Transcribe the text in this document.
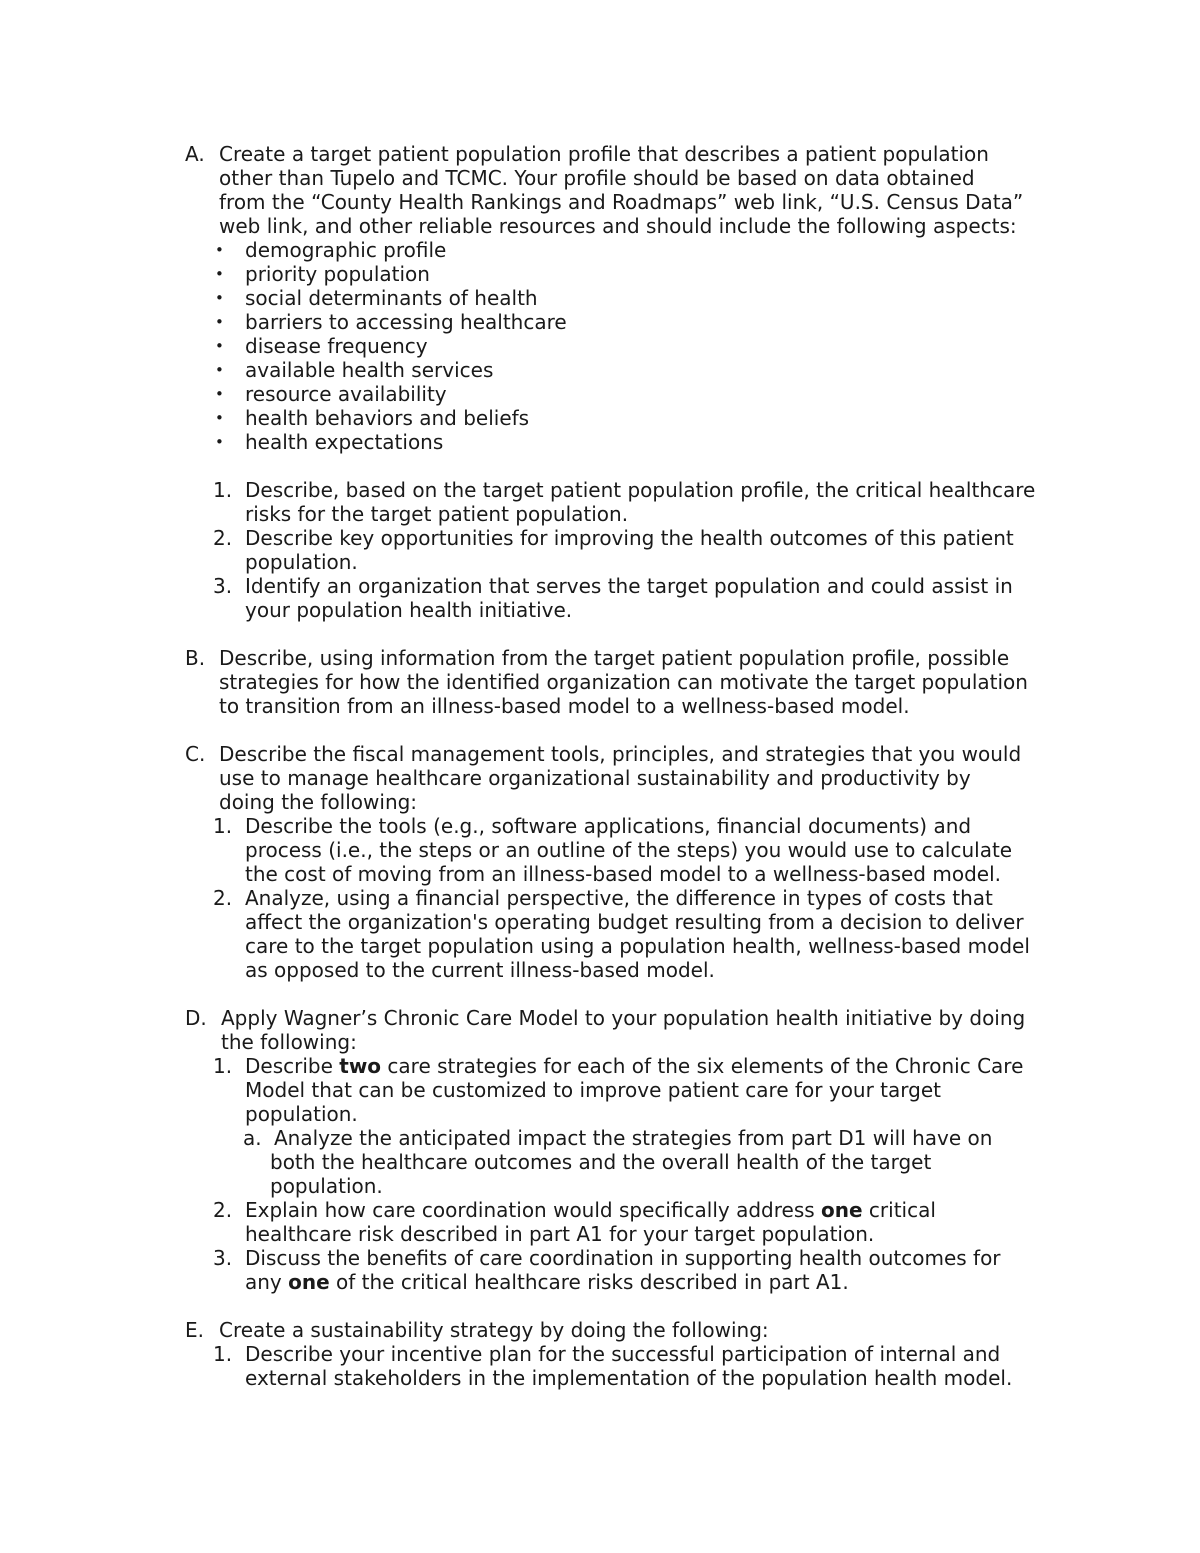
A. Create a target patient population profile that describes a patient population
other than Tupelo and TCMC. Your profile should be based on data obtained
from the “County Health Rankings and Roadmaps” web link, “U.S. Census Data”
web link, and other reliable resources and should include the following aspects:
• demographic profile
• priority population
• social determinants of health
• barriers to accessing healthcare
• disease frequency
• available health services
• resource availability
• health behaviors and beliefs
• health expectations
1. Describe, based on the target patient population profile, the critical healthcare
risks for the target patient population.
2. Describe key opportunities for improving the health outcomes of this patient
population.
3. Identify an organization that serves the target population and could assist in
your population health initiative.
B. Describe, using information from the target patient population profile, possible
strategies for how the identified organization can motivate the target population
to transition from an illness-based model to a wellness-based model.
C. Describe the fiscal management tools, principles, and strategies that you would
use to manage healthcare organizational sustainability and productivity by
doing the following:
1. Describe the tools (e.g., software applications, financial documents) and
process (i.e., the steps or an outline of the steps) you would use to calculate
the cost of moving from an illness-based model to a wellness-based model.
2. Analyze, using a financial perspective, the difference in types of costs that
affect the organization's operating budget resulting from a decision to deliver
care to the target population using a population health, wellness-based model
as opposed to the current illness-based model.
D. Apply Wagner’s Chronic Care Model to your population health initiative by doing
the following:
1. Describe two care strategies for each of the six elements of the Chronic Care
Model that can be customized to improve patient care for your target
population.
a. Analyze the anticipated impact the strategies from part D1 will have on
both the healthcare outcomes and the overall health of the target
population.
2. Explain how care coordination would specifically address one critical
healthcare risk described in part A1 for your target population.
3. Discuss the benefits of care coordination in supporting health outcomes for
any one of the critical healthcare risks described in part A1.
E. Create a sustainability strategy by doing the following:
1. Describe your incentive plan for the successful participation of internal and
external stakeholders in the implementation of the population health model.
